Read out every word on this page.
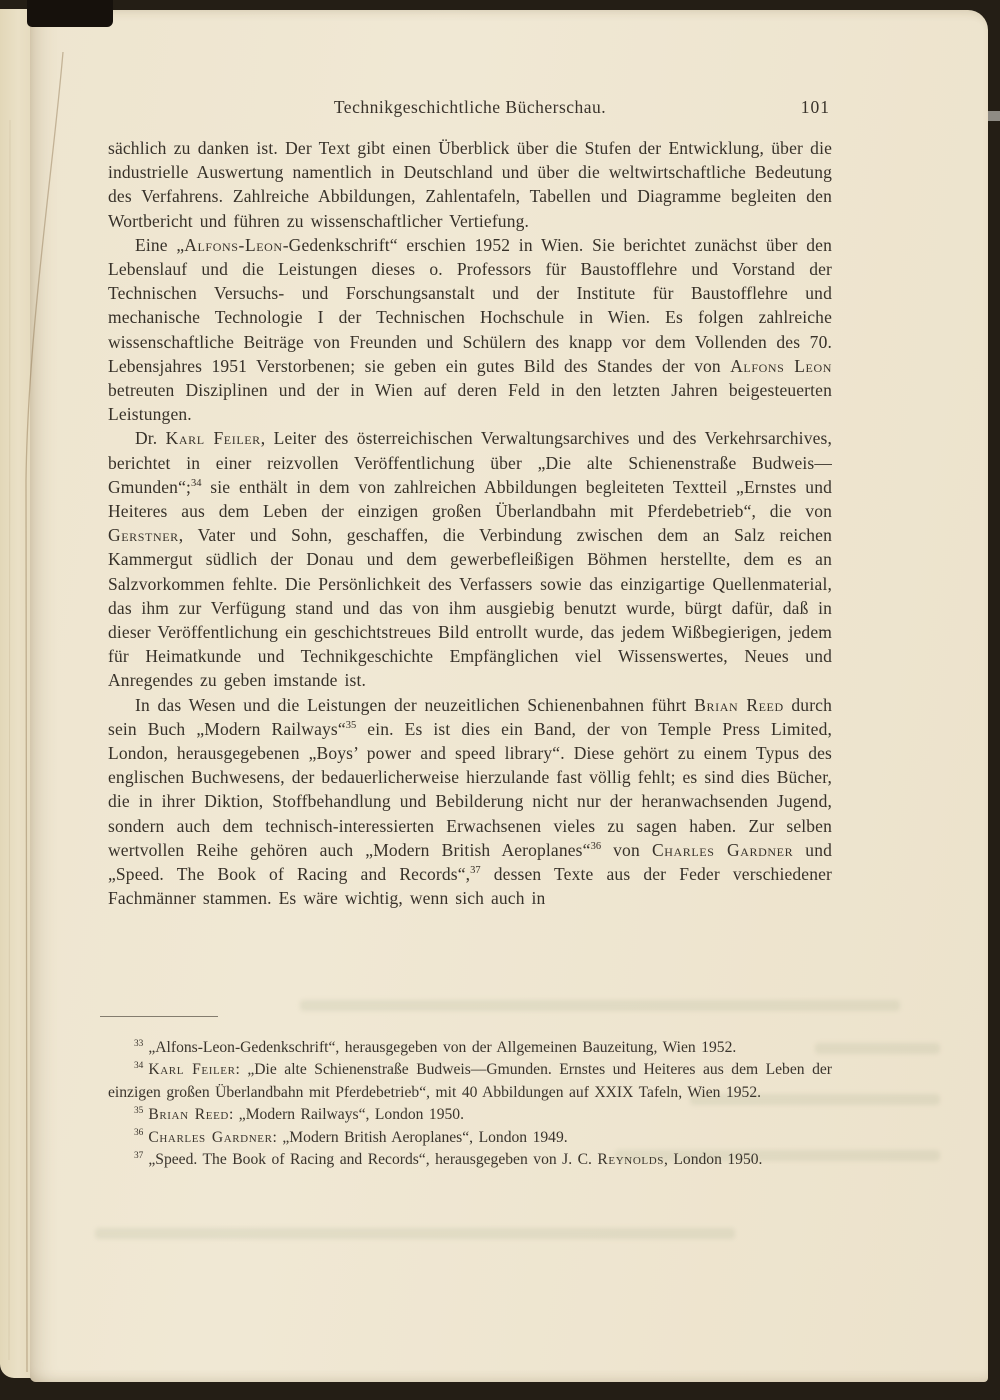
Technikgeschichtliche Bücherschau.	101

sächlich zu danken ist. Der Text gibt einen Überblick über die Stufen der Entwicklung, über die industrielle Auswertung namentlich in Deutschland und über die weltwirtschaftliche Bedeutung des Verfahrens. Zahlreiche Abbildungen, Zahlentafeln, Tabellen und Diagramme begleiten den Wortbericht und führen zu wissenschaftlicher Vertiefung.

Eine „Alfons-Leon-Gedenkschrift“ erschien 1952 in Wien. Sie berichtet zunächst über den Lebenslauf und die Leistungen dieses o. Professors für Baustofflehre und Vorstand der Technischen Versuchs- und Forschungsanstalt und der Institute für Baustofflehre und mechanische Technologie I der Technischen Hochschule in Wien. Es folgen zahlreiche wissenschaftliche Beiträge von Freunden und Schülern des knapp vor dem Vollenden des 70. Lebensjahres 1951 Verstorbenen; sie geben ein gutes Bild des Standes der von Alfons Leon betreuten Disziplinen und der in Wien auf deren Feld in den letzten Jahren beigesteuerten Leistungen.

Dr. Karl Feiler, Leiter des österreichischen Verwaltungsarchives und des Verkehrsarchives, berichtet in einer reizvollen Veröffentlichung über „Die alte Schienenstraße Budweis—Gmunden“;$^{34}$ sie enthält in dem von zahlreichen Abbildungen begleiteten Textteil „Ernstes und Heiteres aus dem Leben der einzigen großen Überlandbahn mit Pferdebetrieb“, die von Gerstner, Vater und Sohn, geschaffen, die Verbindung zwischen dem an Salz reichen Kammergut südlich der Donau und dem gewerbefleißigen Böhmen herstellte, dem es an Salzvorkommen fehlte. Die Persönlichkeit des Verfassers sowie das einzigartige Quellenmaterial, das ihm zur Verfügung stand und das von ihm ausgiebig benutzt wurde, bürgt dafür, daß in dieser Veröffentlichung ein geschichtstreues Bild entrollt wurde, das jedem Wißbegierigen, jedem für Heimatkunde und Technikgeschichte Empfänglichen viel Wissenswertes, Neues und Anregendes zu geben imstande ist.

In das Wesen und die Leistungen der neuzeitlichen Schienenbahnen führt Brian Reed durch sein Buch „Modern Railways“$^{35}$ ein. Es ist dies ein Band, der von Temple Press Limited, London, herausgegebenen „Boys’ power and speed library“. Diese gehört zu einem Typus des englischen Buchwesens, der bedauerlicherweise hierzulande fast völlig fehlt; es sind dies Bücher, die in ihrer Diktion, Stoffbehandlung und Bebilderung nicht nur der heranwachsenden Jugend, sondern auch dem technisch-interessierten Erwachsenen vieles zu sagen haben. Zur selben wertvollen Reihe gehören auch „Modern British Aeroplanes“$^{36}$ von Charles Gardner und „Speed. The Book of Racing and Records“,$^{37}$ dessen Texte aus der Feder verschiedener Fachmänner stammen. Es wäre wichtig, wenn sich auch in

$^{33}$ „Alfons-Leon-Gedenkschrift“, herausgegeben von der Allgemeinen Bauzeitung, Wien 1952.

$^{34}$ Karl Feiler: „Die alte Schienenstraße Budweis—Gmunden. Ernstes und Heiteres aus dem Leben der einzigen großen Überlandbahn mit Pferdebetrieb“, mit 40 Abbildungen auf XXIX Tafeln, Wien 1952.

$^{35}$ Brian Reed: „Modern Railways“, London 1950.

$^{36}$ Charles Gardner: „Modern British Aeroplanes“, London 1949.

$^{37}$ „Speed. The Book of Racing and Records“, herausgegeben von J. C. Reynolds, London 1950.
